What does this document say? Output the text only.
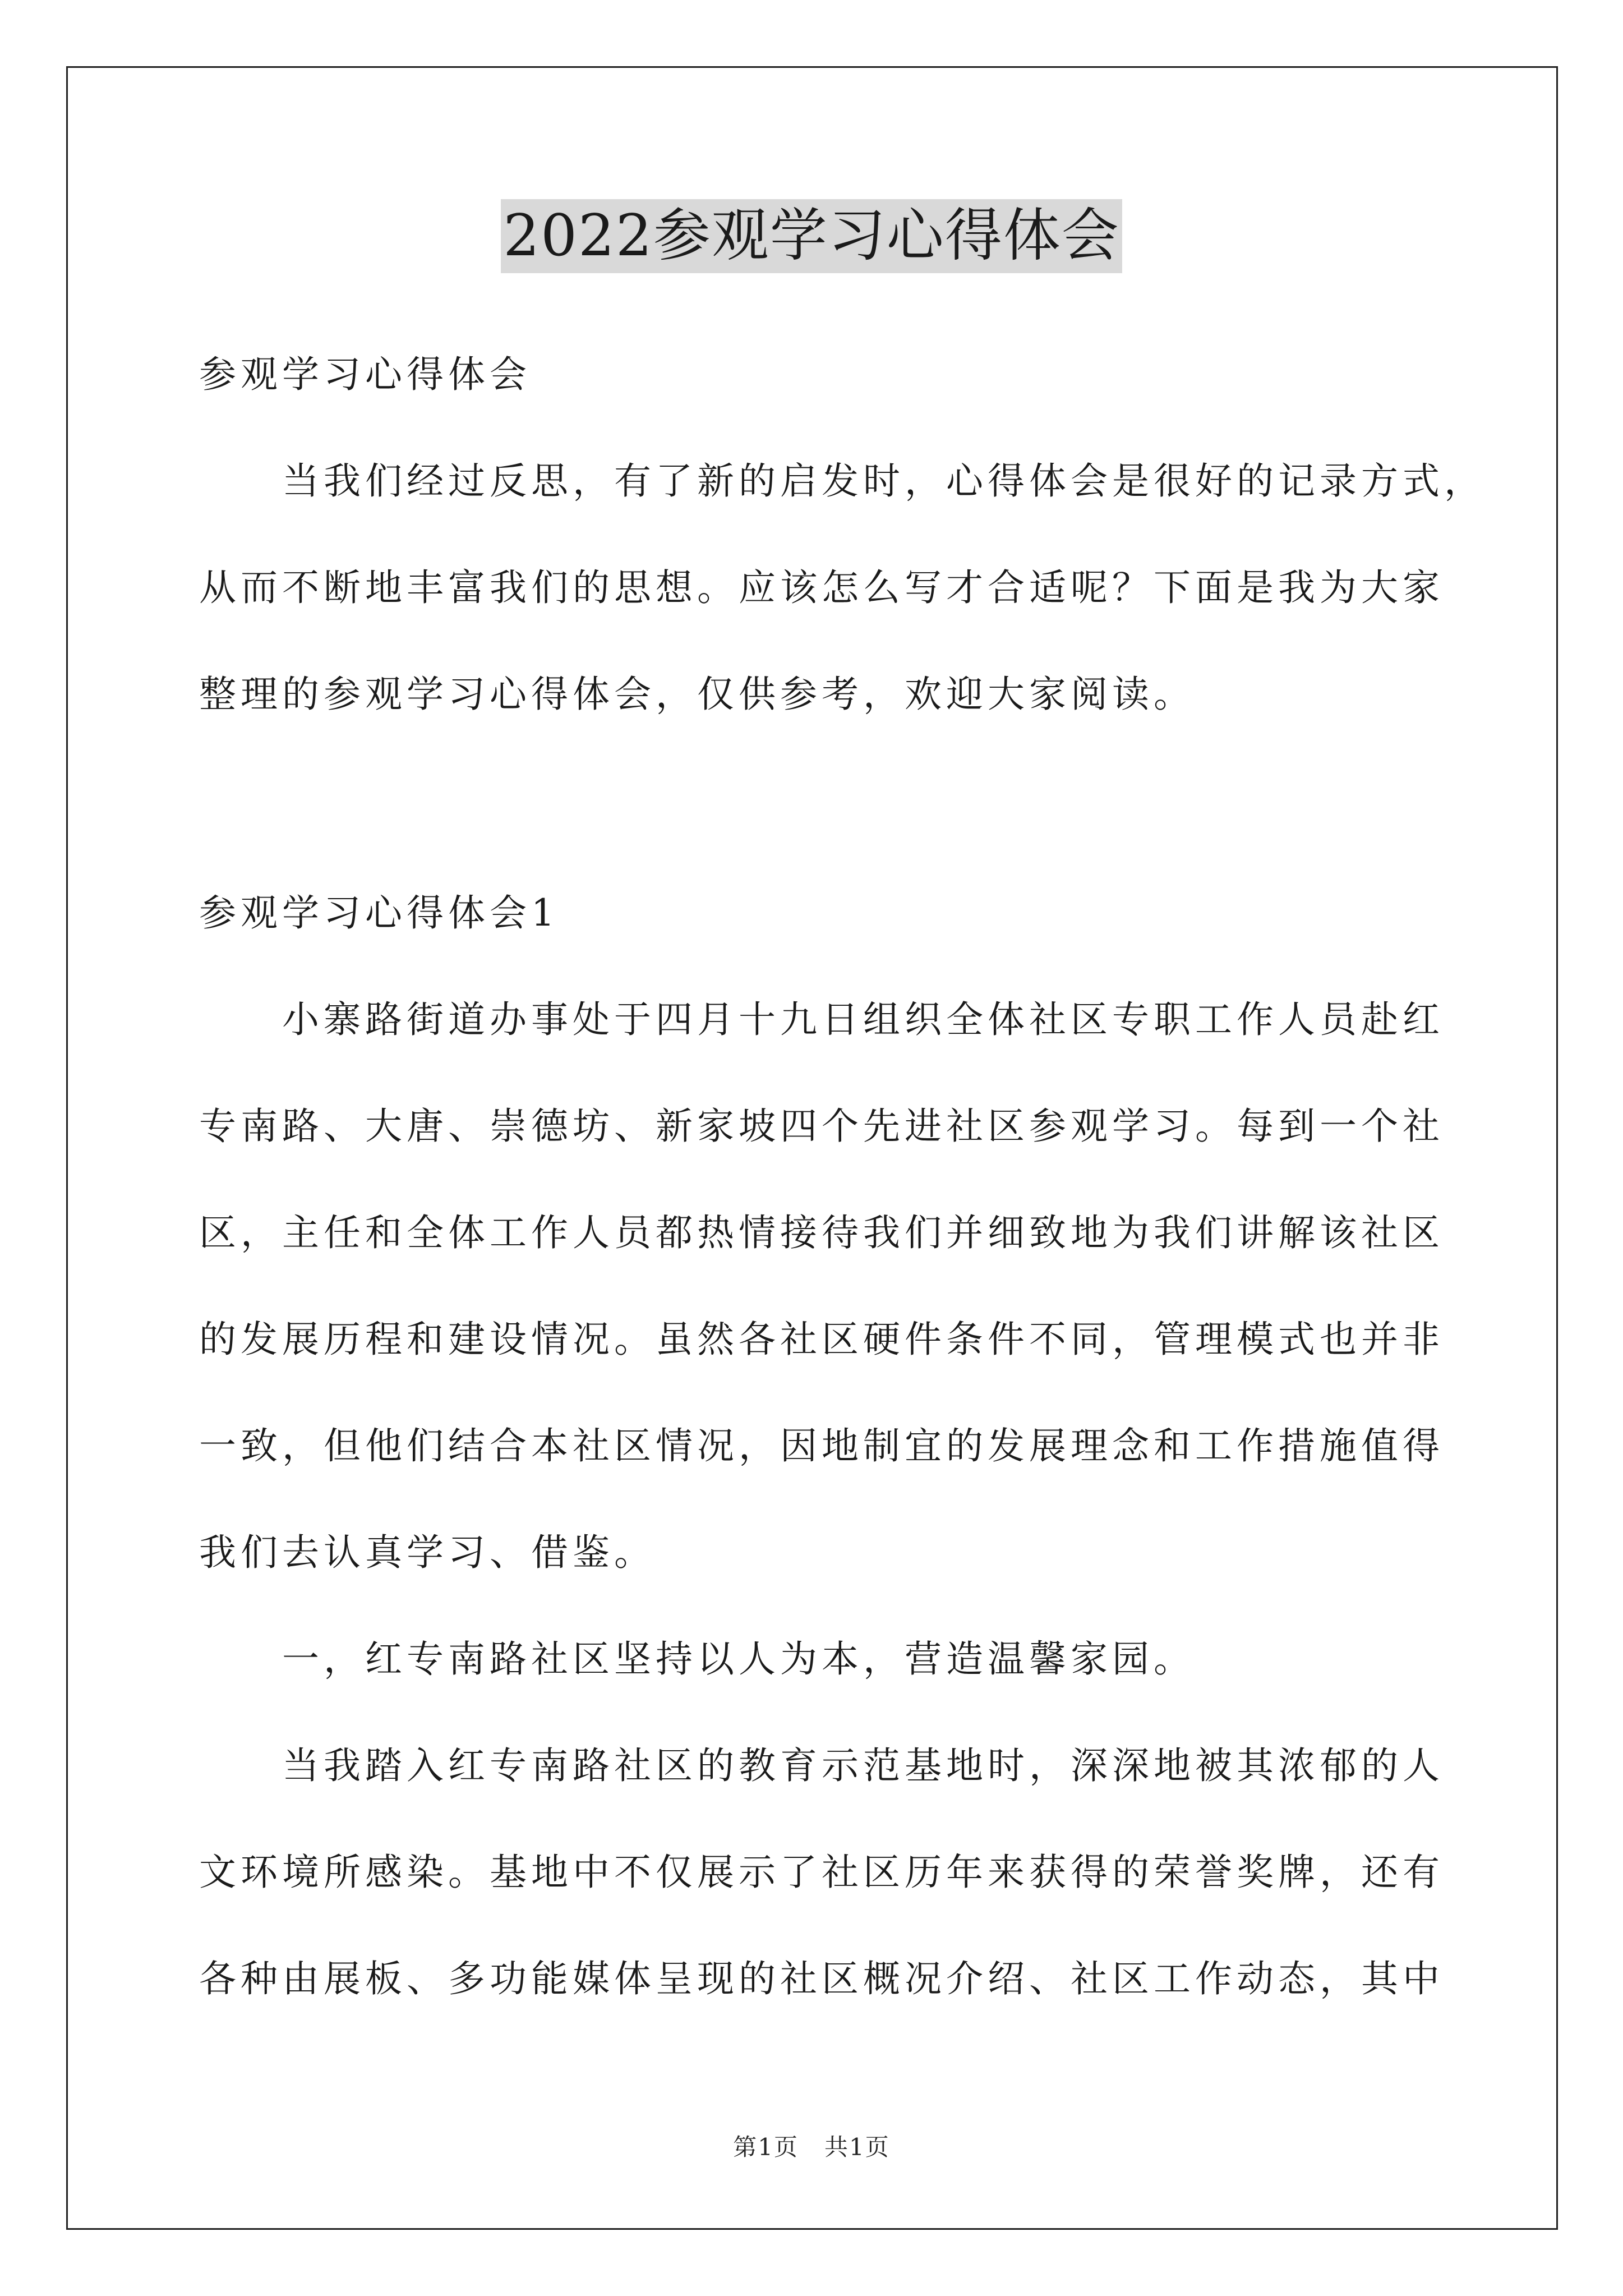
2022参观学习心得体会
参观学习心得体会
当我们经过反思，有了新的启发时，心得体会是很好的记录方式，
从而不断地丰富我们的思想。应该怎么写才合适呢？下面是我为大家
整理的参观学习心得体会，仅供参考，欢迎大家阅读。
参观学习心得体会1
小寨路街道办事处于四月十九日组织全体社区专职工作人员赴红
专南路、大唐、崇德坊、新家坡四个先进社区参观学习。每到一个社
区，主任和全体工作人员都热情接待我们并细致地为我们讲解该社区
的发展历程和建设情况。虽然各社区硬件条件不同，管理模式也并非
一致，但他们结合本社区情况，因地制宜的发展理念和工作措施值得
我们去认真学习、借鉴。
一，红专南路社区坚持以人为本，营造温馨家园。
当我踏入红专南路社区的教育示范基地时，深深地被其浓郁的人
文环境所感染。基地中不仅展示了社区历年来获得的荣誉奖牌，还有
各种由展板、多功能媒体呈现的社区概况介绍、社区工作动态，其中
第1页   共1页
